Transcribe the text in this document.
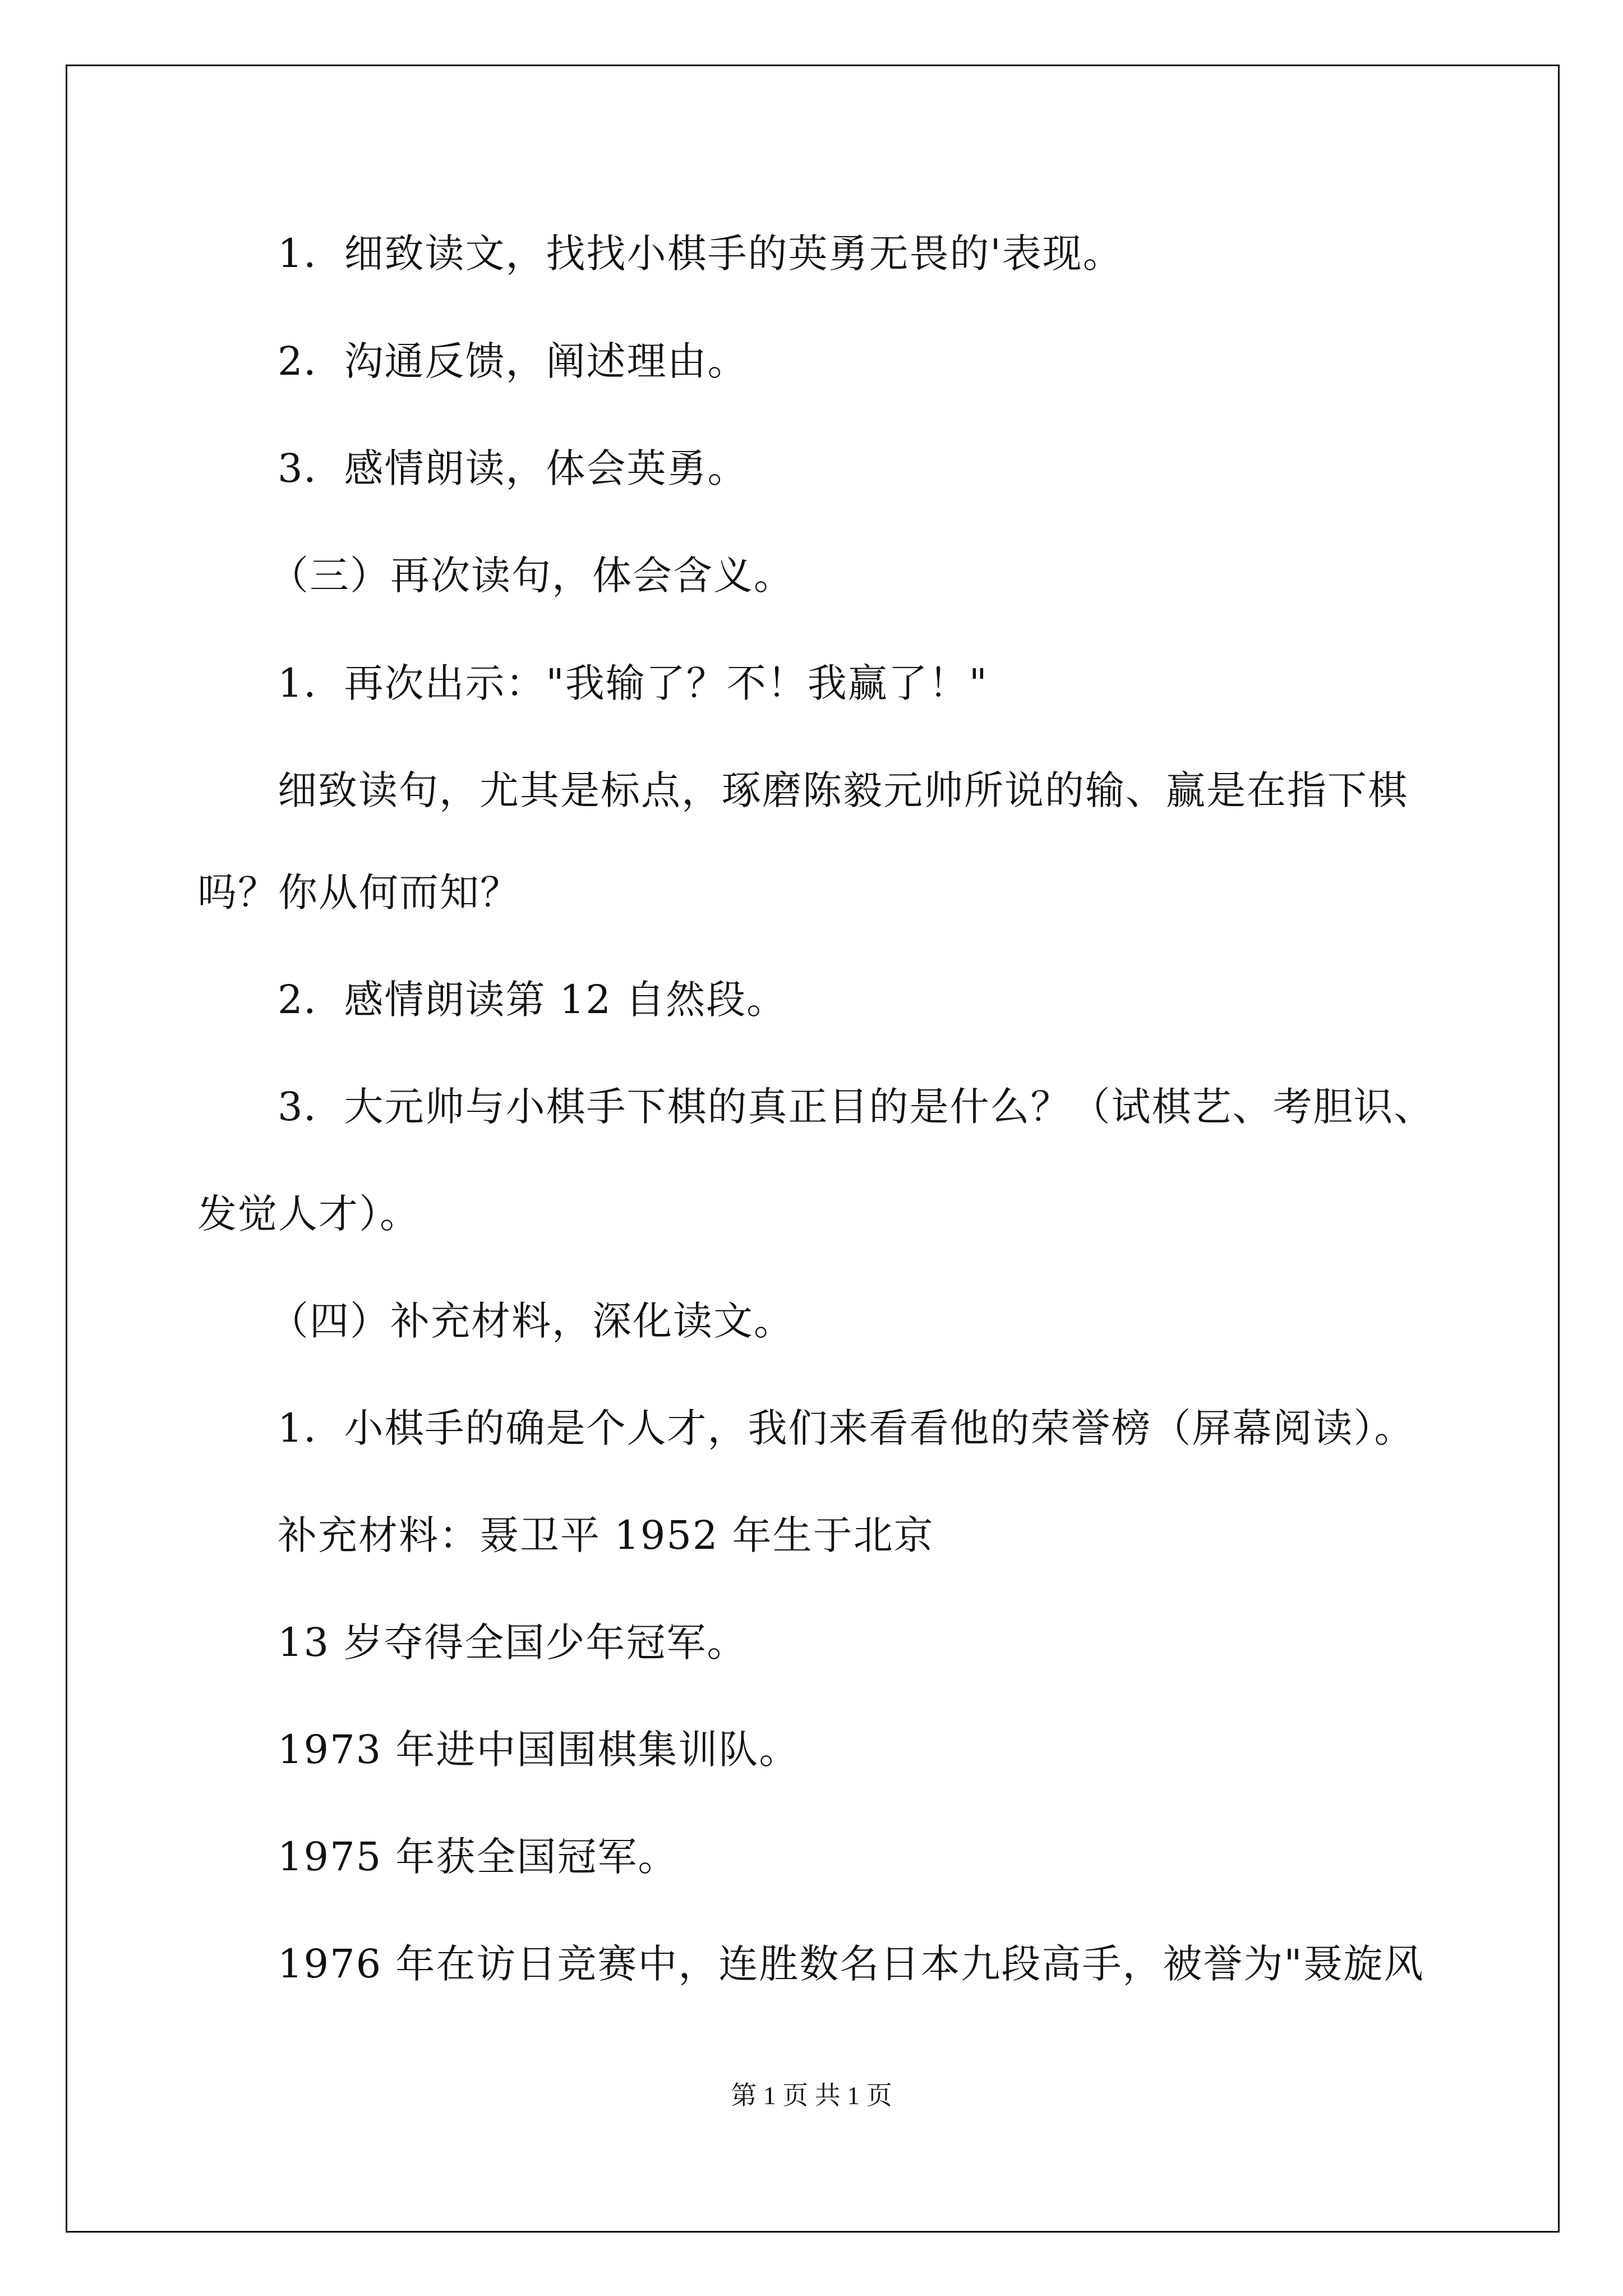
1．细致读文，找找小棋手的英勇无畏的'表现。
2．沟通反馈，阐述理由。
3．感情朗读，体会英勇。
（三）再次读句，体会含义。
1．再次出示："我输了？不！我赢了！"
细致读句，尤其是标点，琢磨陈毅元帅所说的输、赢是在指下棋
吗？你从何而知？
2．感情朗读第 12 自然段。
3．大元帅与小棋手下棋的真正目的是什么？（试棋艺、考胆识、
发觉人才）。
（四）补充材料，深化读文。
1．小棋手的确是个人才，我们来看看他的荣誉榜（屏幕阅读）。
补充材料：聂卫平 1952 年生于北京
13 岁夺得全国少年冠军。
1973 年进中国围棋集训队。
1975 年获全国冠军。
1976 年在访日竞赛中，连胜数名日本九段高手，被誉为"聂旋风
第 1 页 共 1 页
